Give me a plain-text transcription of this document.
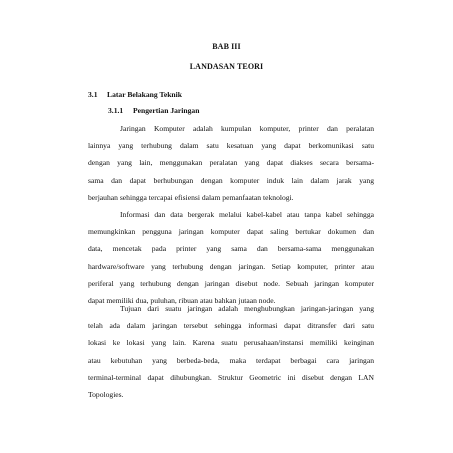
BAB III
LANDASAN TEORI
3.1 Latar Belakang Teknik
3.1.1 Pengertian Jaringan
Jaringan Komputer adalah kumpulan komputer, printer dan peralatan
lainnya yang terhubung dalam satu kesatuan yang dapat berkomunikasi satu
dengan yang lain, menggunakan peralatan yang dapat diakses secara bersama-
sama dan dapat berhubungan dengan komputer induk lain dalam jarak yang
berjauhan sehingga tercapai efisiensi dalam pemanfaatan teknologi.
Informasi dan data bergerak melalui kabel-kabel atau tanpa kabel sehingga
memungkinkan pengguna jaringan komputer dapat saling bertukar dokumen dan
data, mencetak pada printer yang sama dan bersama-sama menggunakan
hardware/software yang terhubung dengan jaringan. Setiap komputer, printer atau
periferal yang terhubung dengan jaringan disebut node. Sebuah jaringan komputer
dapat memiliki dua, puluhan, ribuan atau bahkan jutaan node.
Tujuan dari suatu jaringan adalah menghubungkan jaringan-jaringan yang
telah ada dalam jaringan tersebut sehingga informasi dapat ditransfer dari satu
lokasi ke lokasi yang lain. Karena suatu perusahaan/instansi memiliki keinginan
atau kebutuhan yang berbeda-beda, maka terdapat berbagai cara jaringan
terminal-terminal dapat dihubungkan. Struktur Geometric ini disebut dengan LAN
Topologies.
